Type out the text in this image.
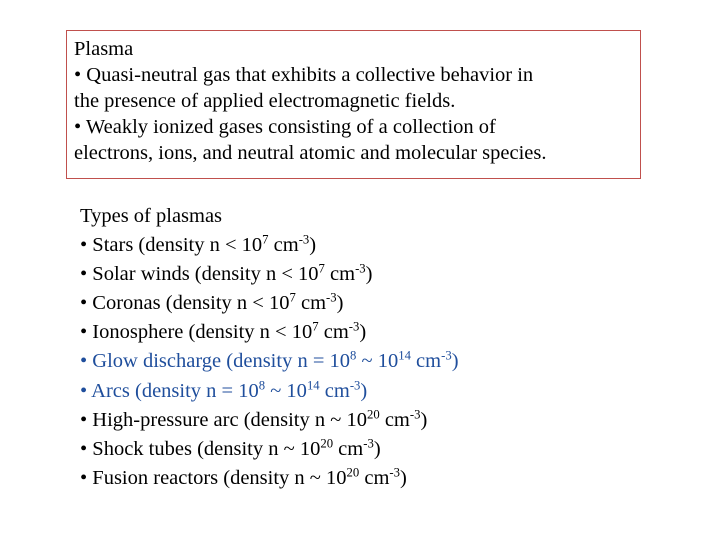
Plasma
• Quasi-neutral gas that exhibits a collective behavior in
the presence of applied electromagnetic fields.
• Weakly ionized gases consisting of a collection of
electrons, ions, and neutral atomic and molecular species.
Types of plasmas
• Stars (density $n < 10^7$ $cm^{-3}$)
• Solar winds (density $n < 10^7$ $cm^{-3}$)
• Coronas (density $n < 10^7$ $cm^{-3}$)
• Ionosphere (density $n < 10^7$ $cm^{-3}$)
• Glow discharge (density $n = 10^8$ ~ $10^{14}$ $cm^{-3}$)
• Arcs (density $n = 10^8$ ~ $10^{14}$ $cm^{-3}$)
• High-pressure arc (density n ~ $10^{20}$ $cm^{-3}$)
• Shock tubes (density n ~ $10^{20}$ $cm^{-3}$)
• Fusion reactors (density n ~ $10^{20}$ $cm^{-3}$)
